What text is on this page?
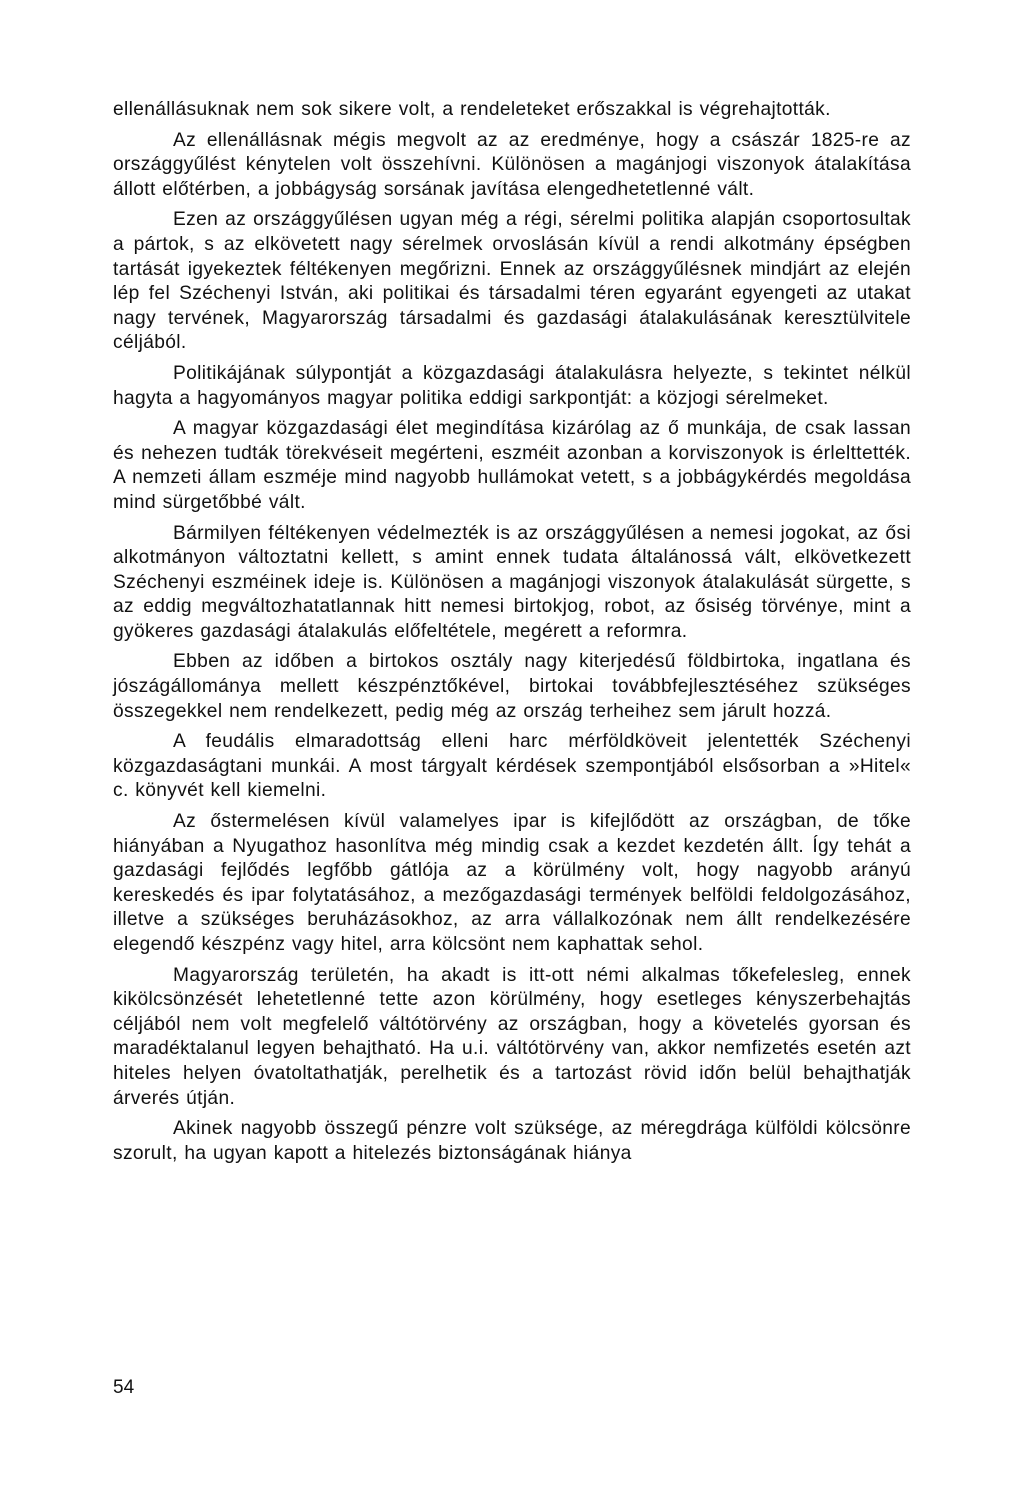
ellenállásuknak nem sok sikere volt, a rendeleteket erőszakkal is végrehajtották.

Az ellenállásnak mégis megvolt az az eredménye, hogy a császár 1825-re az országgyűlést kénytelen volt összehívni. Különösen a magánjogi viszonyok átalakítása állott előtérben, a jobbágyság sorsának javítása elengedhetetlenné vált.

Ezen az országgyűlésen ugyan még a régi, sérelmi politika alapján csoportosultak a pártok, s az elkövetett nagy sérelmek orvoslásán kívül a rendi alkotmány épségben tartását igyekeztek féltékenyen megőrizni. Ennek az országgyűlésnek mindjárt az elején lép fel Széchenyi István, aki politikai és társadalmi téren egyaránt egyengeti az utakat nagy tervének, Magyarország társadalmi és gazdasági átalakulásának keresztülvitele céljából.

Politikájának súlypontját a közgazdasági átalakulásra helyezte, s tekintet nélkül hagyta a hagyományos magyar politika eddigi sarkpontját: a közjogi sérelmeket.

A magyar közgazdasági élet megindítása kizárólag az ő munkája, de csak lassan és nehezen tudták törekvéseit megérteni, eszméit azonban a korviszonyok is érlelttették. A nemzeti állam eszméje mind nagyobb hullámokat vetett, s a jobbágykérdés megoldása mind sürgetőbbé vált.

Bármilyen féltékenyen védelmezték is az országgyűlésen a nemesi jogokat, az ősi alkotmányon változtatni kellett, s amint ennek tudata általánossá vált, elkövetkezett Széchenyi eszméinek ideje is. Különösen a magánjogi viszonyok átalakulását sürgette, s az eddig megváltozhatatlannak hitt nemesi birtokjog, robot, az ősiség törvénye, mint a gyökeres gazdasági átalakulás előfeltétele, megérett a reformra.

Ebben az időben a birtokos osztály nagy kiterjedésű földbirtoka, ingatlana és jószágállománya mellett készpénztőkével, birtokai továbbfejlesztéséhez szükséges összegekkel nem rendelkezett, pedig még az ország terheihez sem járult hozzá.

A feudális elmaradottság elleni harc mérföldköveit jelentették Széchenyi közgazdaságtani munkái. A most tárgyalt kérdések szempontjából elsősorban a »Hitel« c. könyvét kell kiemelni.

Az őstermelésen kívül valamelyes ipar is kifejlődött az országban, de tőke hiányában a Nyugathoz hasonlítva még mindig csak a kezdet kezdetén állt. Így tehát a gazdasági fejlődés legfőbb gátlója az a körülmény volt, hogy nagyobb arányú kereskedés és ipar folytatásához, a mezőgazdasági termények belföldi feldolgozásához, illetve a szükséges beruházásokhoz, az arra vállalkozónak nem állt rendelkezésére elegendő készpénz vagy hitel, arra kölcsönt nem kaphattak sehol.

Magyarország területén, ha akadt is itt-ott némi alkalmas tőkefelesleg, ennek kikölcsönzését lehetetlenné tette azon körülmény, hogy esetleges kényszerbehajtás céljából nem volt megfelelő váltótörvény az országban, hogy a követelés gyorsan és maradéktalanul legyen behajtható. Ha u.i. váltótörvény van, akkor nemfizetés esetén azt hiteles helyen óvatoltathatják, perelhetik és a tartozást rövid időn belül behajthatják árverés útján.

Akinek nagyobb összegű pénzre volt szüksége, az méregdrága külföldi kölcsönre szorult, ha ugyan kapott a hitelezés biztonságának hiánya

54
